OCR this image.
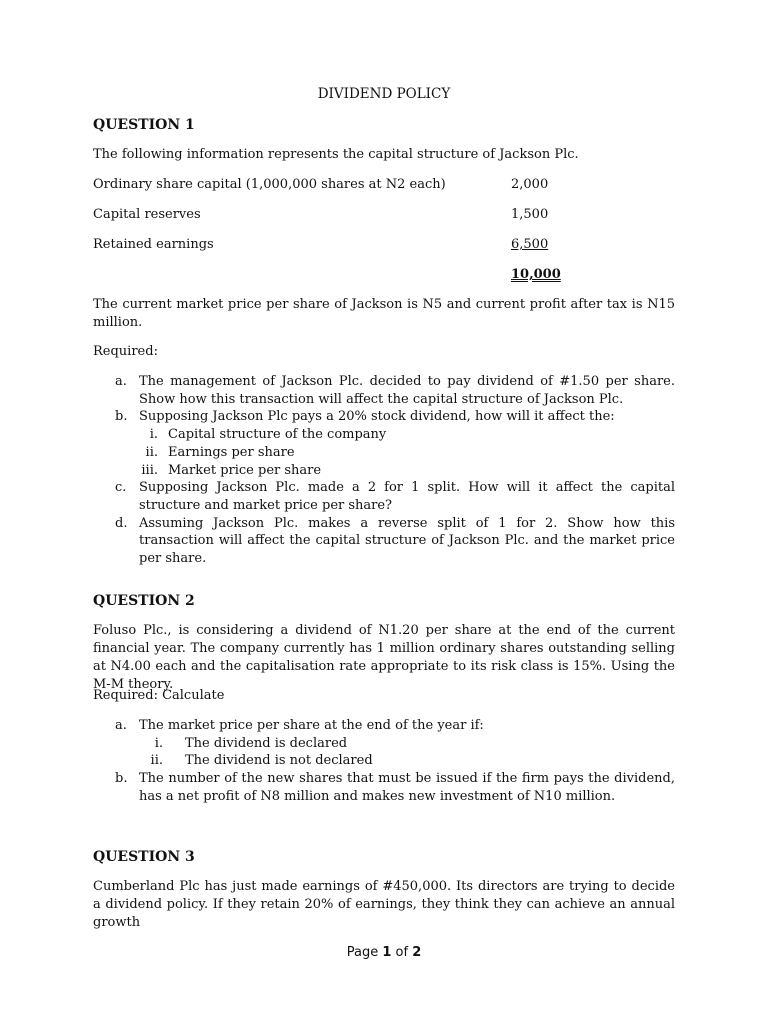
DIVIDEND POLICY
QUESTION 1
The following information represents the capital structure of Jackson Plc.
Ordinary share capital (1,000,000 shares at N2 each)	2,000
Capital reserves	1,500
Retained earnings	6,500
10,000
The current market price per share of Jackson is N5 and current profit after tax is N15 million.
Required:
a. The management of Jackson Plc. decided to pay dividend of #1.50 per share. Show how this transaction will affect the capital structure of Jackson Plc.
b. Supposing Jackson Plc pays a 20% stock dividend, how will it affect the:
i. Capital structure of the company
ii. Earnings per share
iii. Market price per share
c. Supposing Jackson Plc. made a 2 for 1 split. How will it affect the capital structure and market price per share?
d. Assuming Jackson Plc. makes a reverse split of 1 for 2. Show how this transaction will affect the capital structure of Jackson Plc. and the market price per share.
QUESTION 2
Foluso Plc., is considering a dividend of N1.20 per share at the end of the current financial year. The company currently has 1 million ordinary shares outstanding selling at N4.00 each and the capitalisation rate appropriate to its risk class is 15%. Using the M-M theory.
Required: Calculate
a. The market price per share at the end of the year if:
i. The dividend is declared
ii. The dividend is not declared
b. The number of the new shares that must be issued if the firm pays the dividend, has a net profit of N8 million and makes new investment of N10 million.
QUESTION 3
Cumberland Plc has just made earnings of #450,000. Its directors are trying to decide a dividend policy. If they retain 20% of earnings, they think they can achieve an annual growth
Page 1 of 2
